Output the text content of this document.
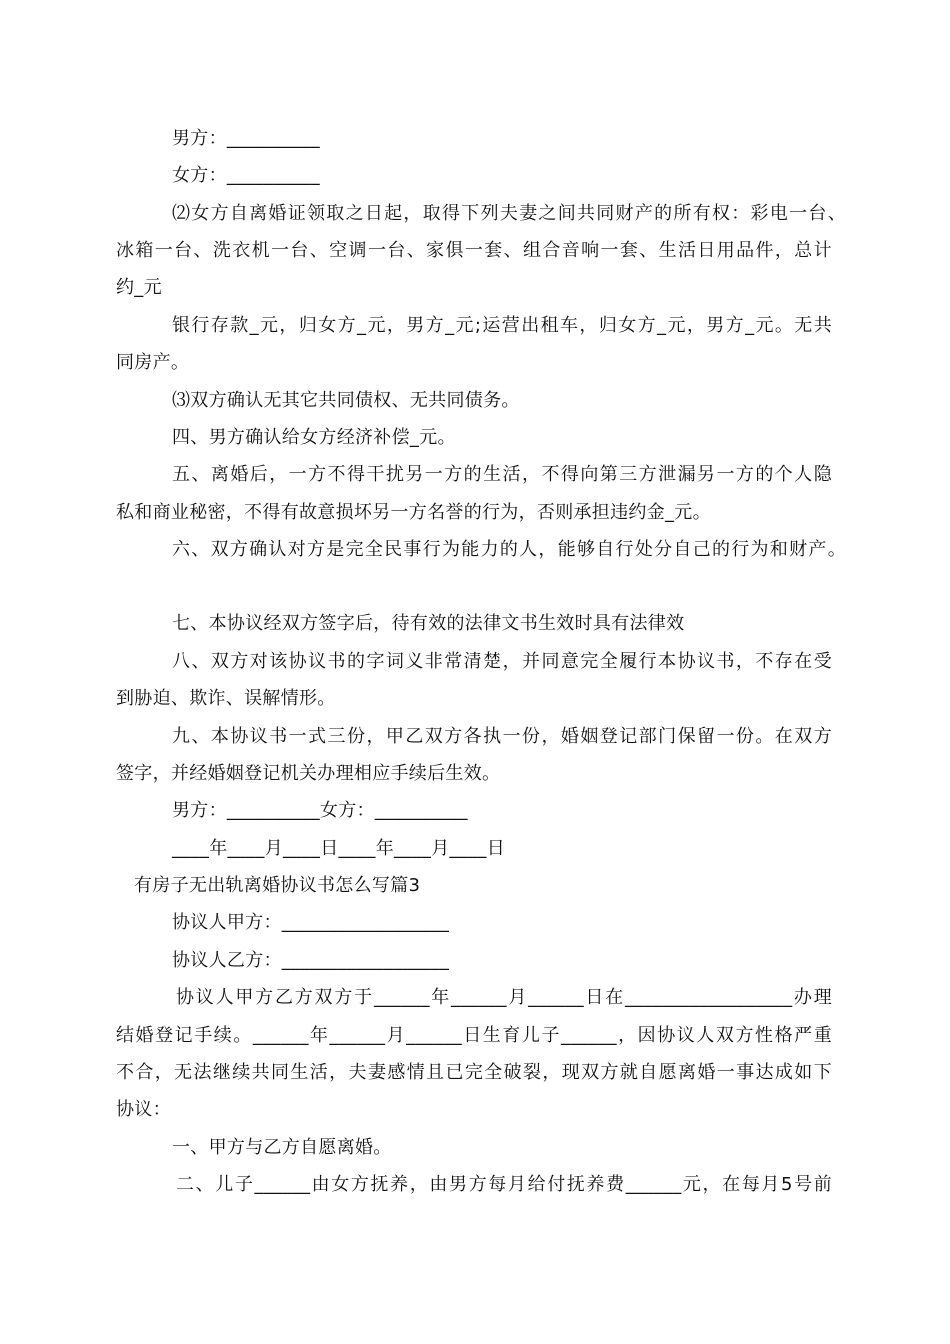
男方：__________
女方：__________
⑵女方自离婚证领取之日起，取得下列夫妻之间共同财产的所有权：彩电一台、
冰箱一台、洗衣机一台、空调一台、家俱一套、组合音响一套、生活日用品件，总计
约_元
银行存款_元，归女方_元，男方_元;运营出租车，归女方_元，男方_元。无共
同房产。
⑶双方确认无其它共同债权、无共同债务。
四、男方确认给女方经济补偿_元。
五、离婚后，一方不得干扰另一方的生活，不得向第三方泄漏另一方的个人隐
私和商业秘密，不得有故意损坏另一方名誉的行为，否则承担违约金_元。
六、双方确认对方是完全民事行为能力的人，能够自行处分自己的行为和财产。
七、本协议经双方签字后，待有效的法律文书生效时具有法律效
八、双方对该协议书的字词义非常清楚，并同意完全履行本协议书，不存在受
到胁迫、欺诈、误解情形。
九、本协议书一式三份，甲乙双方各执一份，婚姻登记部门保留一份。在双方
签字，并经婚姻登记机关办理相应手续后生效。
男方：__________女方：__________
____年____月____日____年____月____日
有房子无出轨离婚协议书怎么写篇3
协议人甲方：__________________
协议人乙方：__________________
协议人甲方乙方双方于______年______月______日在__________________办理
结婚登记手续。______年______月______日生育儿子______，因协议人双方性格严重
不合，无法继续共同生活，夫妻感情且已完全破裂，现双方就自愿离婚一事达成如下
协议：
一、甲方与乙方自愿离婚。
二、儿子______由女方抚养，由男方每月给付抚养费______元，在每月5号前
